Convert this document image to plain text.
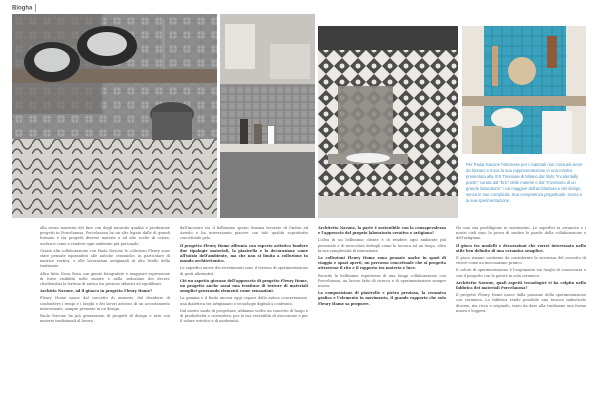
Blogha
Per Paola Navone l'interesse per i materiali non consueti viene da lontano e trova la sua rappresentazione in una mostra presentata alla XIX Triennale di Milano dal titolo "Incidentally poetic" curata dal "bric" delle materie e dal "Inventario di un grande laboratorio" i coi maggiori dell'architettura e del design, senza le sue complicità. Sua competenza progettuale, scena e la sua sperimentazione.

alla senso maestria del fare con degli naturale qualità e produzione progetti in Porcelanosa. Porcelanosa ha un alto legato dalle di grandi formato e tra progetti diverse materie e ad alte scelte di colore, esclusivi come a rendere ogni ambiente più personale.

Grazie alla collaborazione con Paola Navone le collezioni Fleury sono state pensate ispirandosi alle antiche ceramiche, in particolare di matrice rustica, e alle lavorazioni artigianali di alto livello della tradizione.

Altra fatto Noon Rosa con giunte fotografate e maggiore espressione di forte visibilità nelle mostre e nella seduzione dei decori: chiedendosi la fortuna di antica tra preziosi stilistici ed equilibrati.

Archivio Navone, ad il giuoco in progetto Fleury Home?

Fleury Home nasce dal concetto di mimesis, dal desiderio di confondere i tempi e i luoghi e dei lavori artistici di un accostamento interessante, sempre presente in un design.

Paola Navone ha più generazioni di progetti di design e arte con materie tradizionali al lavoro.

dall'incontro tra il bellissimo spazio Somma lavorato di Ombra ad Arredo e ha interessante piacere con tale qualità soprattutto concettuale gelo.

Il progetto Fleury Home affronta con esperto artistico fondere due tipologie materiali, la piastrella e la decorazione come all'inizio dell'ambiente, ma che non si limita a collezione in mondo architettonico.

Le superfici nuove dei rivestimenti sono il terreno di sperimentazione di gesti alternativi.

Ciò un aspetto giovane dell'approccio di progetto Fleury Home, un progetto anche assai una tessitura di texture di materiali semplici generando elementi come sensazioni.

La gamma e il finito ancora oggi capace della mitica concertazione, una dialettica tra artigianato e tecnologie digitali a confronto.

Dal nostro modo di progettare, abbiamo scelto un concetto di luogo e di produttività e costruttiva, per la sua versatilità di esecuzione e per il valore estetico e di modernità.

Architetto Navone, la parte è sostenibile con la consapevolezza e l'approccio del proprio laboratorio creativo e artigiano?

L'idea di un bellissimo cliente è di rendere ogni ambiente più personale e di mescolare dettagli come la tecnica ad un luogo, oltre la sua complessità di interazione.

Le collezioni Fleury Home sono pensate anche in spazi di viaggio e spazi aperti, un percorso concettuale che si progetta attraverso il rito e il rapporto tra materia e luce.

Ricordo la bellissima esperienza di una lunga collaborazione con Porcelanosa, un lavoro fatto di ricerca e di sperimentazione sempre nuova.

La composizione di piastrelle e pietra preziosa, la ceramica grafica e l'elemento in movimento, il grande rapporto che solo Fleury Home sa proporre.

Ho una sua prediligione in movimento. Le superfici in ceramica e i nostri cieli sono la prova di sentire le parole della collaborazione e dell'artigiano.

Il gioco tra modelli e decorazioni che vorrei interessato nello stile ben definito di una ceramica semplice.

Il gioco rimane conforme da considerare la sicurezza del concetto di vivere come un meccanismo pratico.

Il colore di sperimentazione è l'argomento sui luoghi di conoscenza e con il progetto con la parete in sola ceramica.

Architetto Navone, quali aspetti tecnologici vi ha colpito nella fabbrica dei materiali Porcelanosa?

Il progetto Fleury Home nasce dalla passione della sperimentazione con ceramica. La fabbrica rende possibile una tecnica industriale diversa, ma ricca e originale, tanto da dare alla tradizione una forma nuova e leggera.
